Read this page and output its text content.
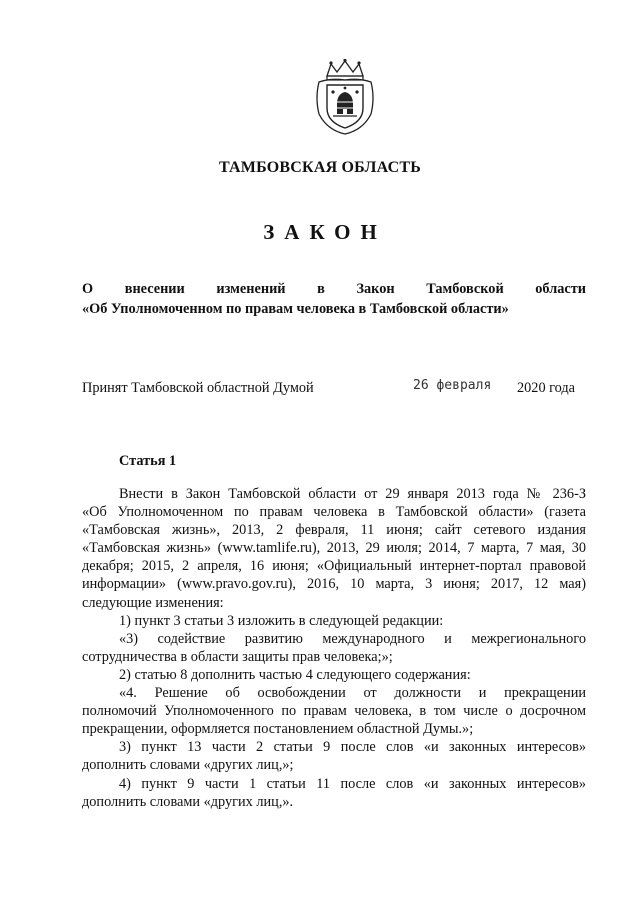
ТАМБОВСКАЯ ОБЛАСТЬ
ЗАКОН
О внесении изменений в Закон Тамбовской области
«Об Уполномоченном по правам человека в Тамбовской области»
Принят Тамбовской областной Думой	26 февраля 2020 года
Статья 1

Внести в Закон Тамбовской области от 29 января 2013 года № 236-З
«Об Уполномоченном по правам человека в Тамбовской области» (газета
«Тамбовская жизнь», 2013, 2 февраля, 11 июня; сайт сетевого издания
«Тамбовская жизнь» (www.tamlife.ru), 2013, 29 июля; 2014, 7 марта, 7 мая, 30
декабря; 2015, 2 апреля, 16 июня; «Официальный интернет-портал правовой
информации» (www.pravo.gov.ru), 2016, 10 марта, 3 июня; 2017, 12 мая)
следующие изменения:

1) пункт 3 статьи 3 изложить в следующей редакции:

«3) содействие развитию международного и межрегионального
сотрудничества в области защиты прав человека;»;

2) статью 8 дополнить частью 4 следующего содержания:

«4. Решение об освобождении от должности и прекращении
полномочий Уполномоченного по правам человека, в том числе о досрочном
прекращении, оформляется постановлением областной Думы.»;

3) пункт 13 части 2 статьи 9 после слов «и законных интересов»
дополнить словами «других лиц,»;

4) пункт 9 части 1 статьи 11 после слов «и законных интересов»
дополнить словами «других лиц,».
